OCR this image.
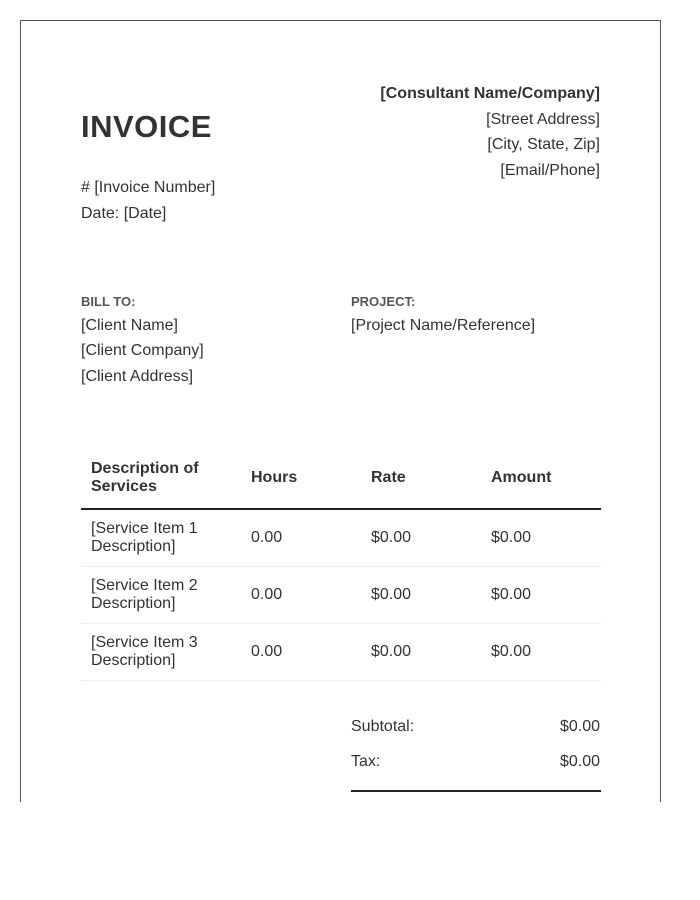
INVOICE
# [Invoice Number]
Date: [Date]
[Consultant Name/Company]
[Street Address]
[City, State, Zip]
[Email/Phone]
BILL TO:
[Client Name]
[Client Company]
[Client Address]
PROJECT:
[Project Name/Reference]
Description of Services	Hours	Rate	Amount
[Service Item 1 Description]	0.00	$0.00	$0.00
[Service Item 2 Description]	0.00	$0.00	$0.00
[Service Item 3 Description]	0.00	$0.00	$0.00
Subtotal:	$0.00
Tax:	$0.00
